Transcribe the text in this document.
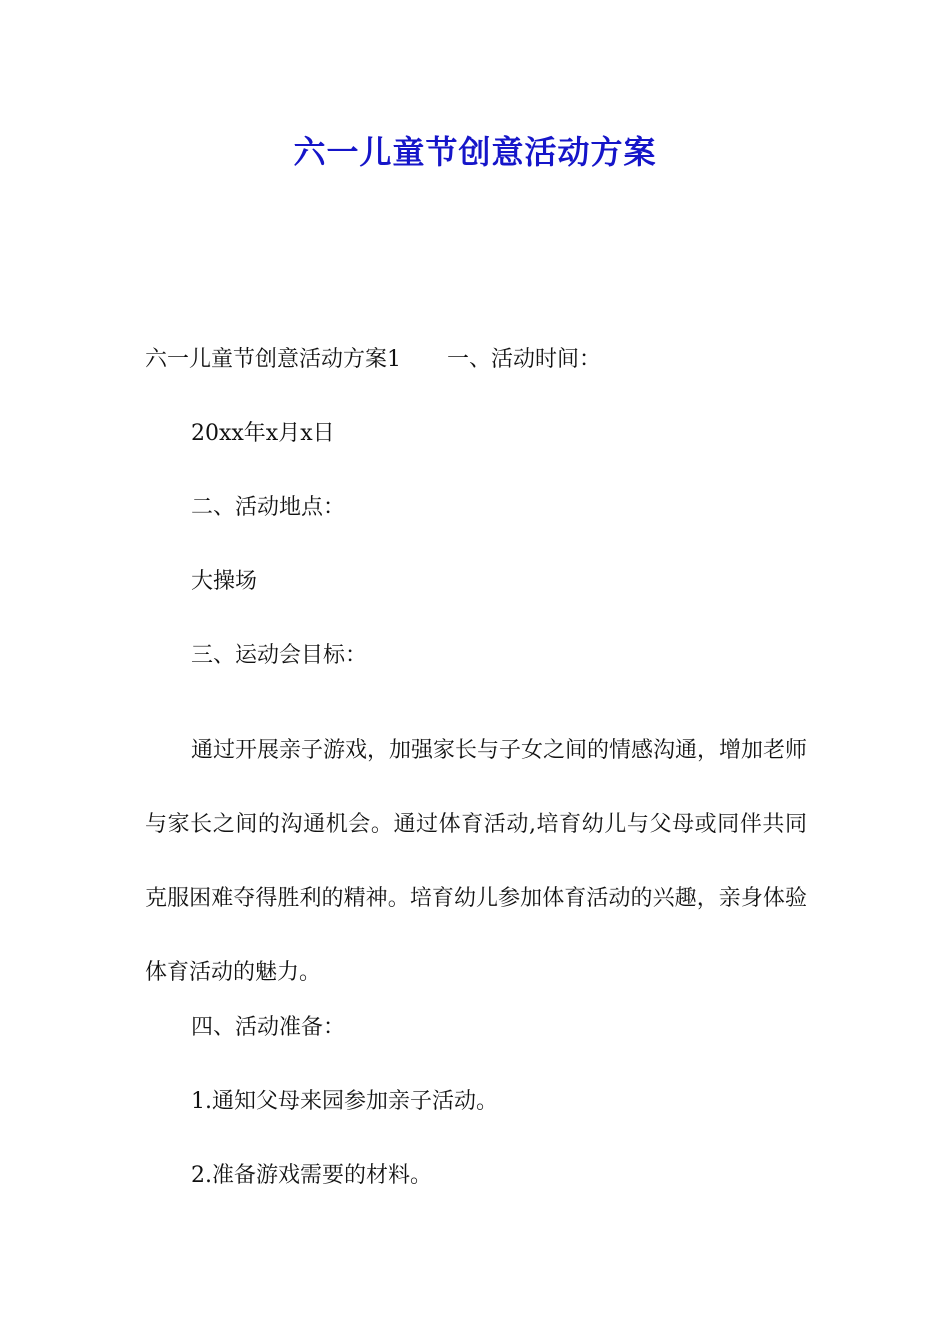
六一儿童节创意活动方案
六一儿童节创意活动方案1 一、活动时间：
20xx年x月x日
二、活动地点：
大操场
三、运动会目标：
通过开展亲子游戏，加强家长与子女之间的情感沟通，增加老师与家长之间的沟通机会。通过体育活动,培育幼儿与父母或同伴共同克服困难夺得胜利的精神。培育幼儿参加体育活动的兴趣，亲身体验体育活动的魅力。
四、活动准备：
1.通知父母来园参加亲子活动。
2.准备游戏需要的材料。
